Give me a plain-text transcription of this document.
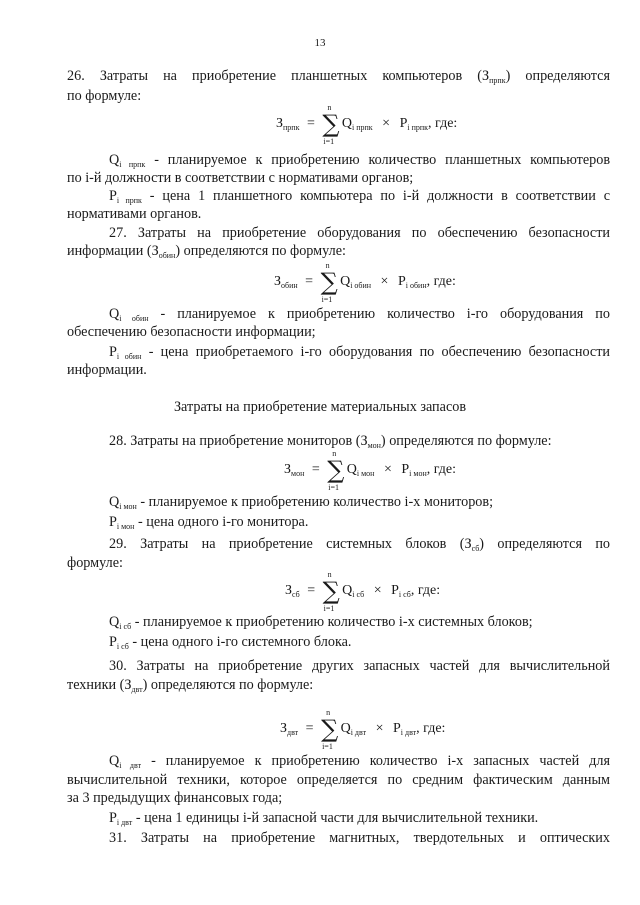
13
26. Затраты на приобретение планшетных компьютеров $(З_{прпк})$ определяются
по формуле:
$З_{прпк}$ =
n
∑
i=1
$Q_{i прпк} \times P_{i прпк}$, где:
$Q_{i прпк}$ - планируемое к приобретению количество планшетных компьютеров
по i-й должности в соответствии с нормативами органов;
$P_{i прпк}$ - цена 1 планшетного компьютера по i-й должности в соответствии с
нормативами органов.
27. Затраты на приобретение оборудования по обеспечению безопасности
информации $(З_{обин})$ определяются по формуле:
$З_{обин}$ =
n
∑
i=1
$Q_{i обин} \times P_{i обин}$, где:
$Q_{i обин}$ - планируемое к приобретению количество i-го оборудования по
обеспечению безопасности информации;
$P_{i обин}$ - цена приобретаемого i-го оборудования по обеспечению безопасности
информации.
Затраты на приобретение материальных запасов
28. Затраты на приобретение мониторов $(З_{мон})$ определяются по формуле:
$З_{мон}$ =
n
∑
i=1
$Q_{i мон} \times P_{i мон}$, где:
$Q_{i мон}$ - планируемое к приобретению количество i-х мониторов;
$P_{i мон}$ - цена одного i-го монитора.
29. Затраты на приобретение системных блоков $(З_{сб})$ определяются по
формуле:
$З_{сб}$ =
n
∑
i=1
$Q_{i сб} \times P_{i сб}$, где:
$Q_{i сб}$ - планируемое к приобретению количество i-х системных блоков;
$P_{i сб}$ - цена одного i-го системного блока.
30. Затраты на приобретение других запасных частей для вычислительной
техники $(З_{двт})$ определяются по формуле:
$З_{двт}$ =
n
∑
i=1
$Q_{i двт} \times P_{i двт}$, где:
$Q_{i двт}$ - планируемое к приобретению количество i-х запасных частей для
вычислительной техники, которое определяется по средним фактическим данным
за 3 предыдущих финансовых года;
$P_{i двт}$ - цена 1 единицы i-й запасной части для вычислительной техники.
31. Затраты на приобретение магнитных, твердотельных и оптических
